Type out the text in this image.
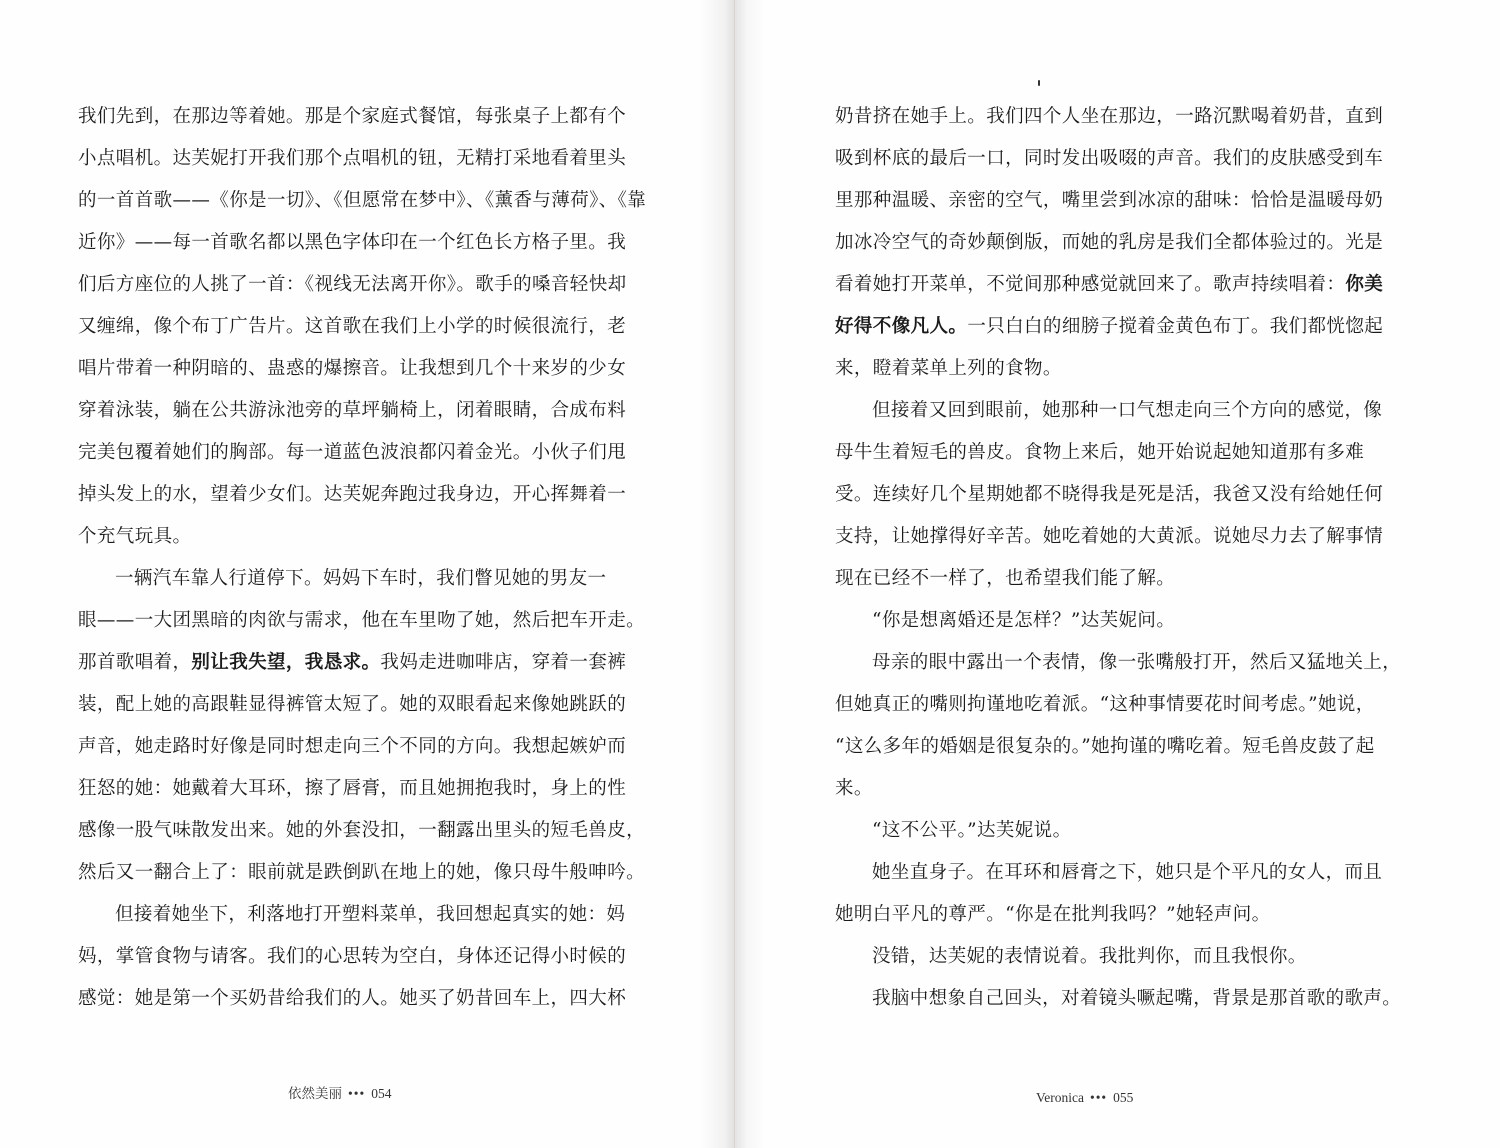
我们先到，在那边等着她。那是个家庭式餐馆，每张桌子上都有个
小点唱机。达芙妮打开我们那个点唱机的钮，无精打采地看着里头
的一首首歌——《你是一切》、《但愿常在梦中》、《薰香与薄荷》、《靠
近你》——每一首歌名都以黑色字体印在一个红色长方格子里。我
们后方座位的人挑了一首：《视线无法离开你》。歌手的嗓音轻快却
又缠绵，像个布丁广告片。这首歌在我们上小学的时候很流行，老
唱片带着一种阴暗的、蛊惑的爆擦音。让我想到几个十来岁的少女
穿着泳装，躺在公共游泳池旁的草坪躺椅上，闭着眼睛，合成布料
完美包覆着她们的胸部。每一道蓝色波浪都闪着金光。小伙子们甩
掉头发上的水，望着少女们。达芙妮奔跑过我身边，开心挥舞着一
个充气玩具。
一辆汽车靠人行道停下。妈妈下车时，我们瞥见她的男友一
眼——一大团黑暗的肉欲与需求，他在车里吻了她，然后把车开走。
那首歌唱着，别让我失望，我恳求。我妈走进咖啡店，穿着一套裤
装，配上她的高跟鞋显得裤管太短了。她的双眼看起来像她跳跃的
声音，她走路时好像是同时想走向三个不同的方向。我想起嫉妒而
狂怒的她：她戴着大耳环，擦了唇膏，而且她拥抱我时，身上的性
感像一股气味散发出来。她的外套没扣，一翻露出里头的短毛兽皮，
然后又一翻合上了：眼前就是跌倒趴在地上的她，像只母牛般呻吟。
但接着她坐下，利落地打开塑料菜单，我回想起真实的她：妈
妈，掌管食物与请客。我们的心思转为空白，身体还记得小时候的
感觉：她是第一个买奶昔给我们的人。她买了奶昔回车上，四大杯
依然美丽 ••• 054
奶昔挤在她手上。我们四个人坐在那边，一路沉默喝着奶昔，直到
吸到杯底的最后一口，同时发出吸啜的声音。我们的皮肤感受到车
里那种温暖、亲密的空气，嘴里尝到冰凉的甜味：恰恰是温暖母奶
加冰冷空气的奇妙颠倒版，而她的乳房是我们全都体验过的。光是
看着她打开菜单，不觉间那种感觉就回来了。歌声持续唱着：你美
好得不像凡人。一只白白的细膀子搅着金黄色布丁。我们都恍惚起
来，瞪着菜单上列的食物。
但接着又回到眼前，她那种一口气想走向三个方向的感觉，像
母牛生着短毛的兽皮。食物上来后，她开始说起她知道那有多难
受。连续好几个星期她都不晓得我是死是活，我爸又没有给她任何
支持，让她撑得好辛苦。她吃着她的大黄派。说她尽力去了解事情
现在已经不一样了，也希望我们能了解。
“你是想离婚还是怎样？”达芙妮问。
母亲的眼中露出一个表情，像一张嘴般打开，然后又猛地关上，
但她真正的嘴则拘谨地吃着派。“这种事情要花时间考虑。”她说，
“这么多年的婚姻是很复杂的。”她拘谨的嘴吃着。短毛兽皮鼓了起
来。
“这不公平。”达芙妮说。
她坐直身子。在耳环和唇膏之下，她只是个平凡的女人，而且
她明白平凡的尊严。“你是在批判我吗？”她轻声问。
没错，达芙妮的表情说着。我批判你，而且我恨你。
我脑中想象自己回头，对着镜头噘起嘴，背景是那首歌的歌声。
Veronica ••• 055
